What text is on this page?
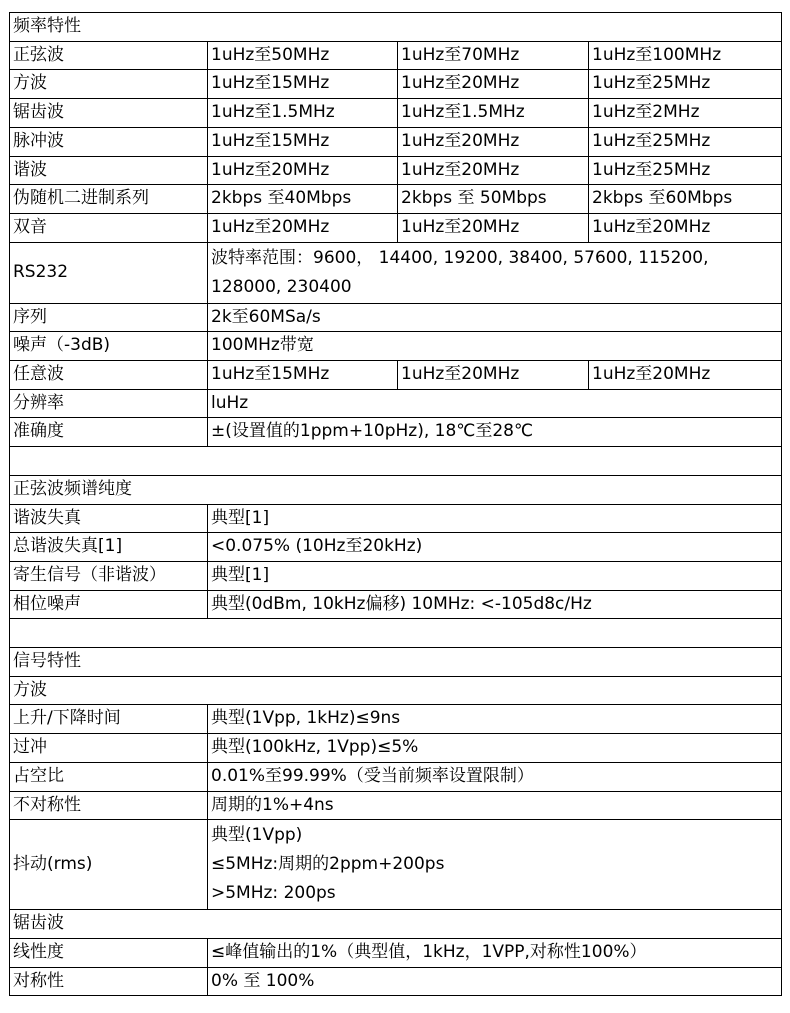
频率特性			
正弦波	1uHz至50MHz	1uHz至70MHz	1uHz至100MHz
方波	1uHz至15MHz	1uHz至20MHz	1uHz至25MHz
锯齿波	1uHz至1.5MHz	1uHz至1.5MHz	1uHz至2MHz
脉冲波	1uHz至15MHz	1uHz至20MHz	1uHz至25MHz
谐波	1uHz至20MHz	1uHz至20MHz	1uHz至25MHz
伪随机二进制系列	2kbps 至40Mbps	2kbps 至 50Mbps	2kbps 至60Mbps
双音	1uHz至20MHz	1uHz至20MHz	1uHz至20MHz
RS232	波特率范围：9600， 14400, 19200, 38400, 57600, 115200, 128000, 230400		
序列	2k至60MSa/s		
噪声（-3dB)	100MHz带宽		
任意波	1uHz至15MHz	1uHz至20MHz	1uHz至20MHz
分辨率	luHz		
准确度	±(设置值的1ppm+10pHz), 18℃至28℃		

正弦波频谱纯度			
谐波失真	典型[1]		
总谐波失真[1]	<0.075% (10Hz至20kHz)		
寄生信号（非谐波）	典型[1]		
相位噪声	典型(0dBm, 10kHz偏移) 10MHz: <-105d8c/Hz		

信号特性			
方波			
上升/下降时间	典型(1Vpp, 1kHz)≤9ns		
过冲	典型(100kHz, 1Vpp)≤5%		
占空比	0.01%至99.99%（受当前频率设置限制）		
不对称性	周期的1%+4ns		
抖动(rms)	典型(1Vpp)
≤5MHz:周期的2ppm+200ps
>5MHz: 200ps		

锯齿波			
线性度	≤峰值输出的1%（典型值，1kHz，1VPP,对称性100%）		
对称性	0% 至 100%		
